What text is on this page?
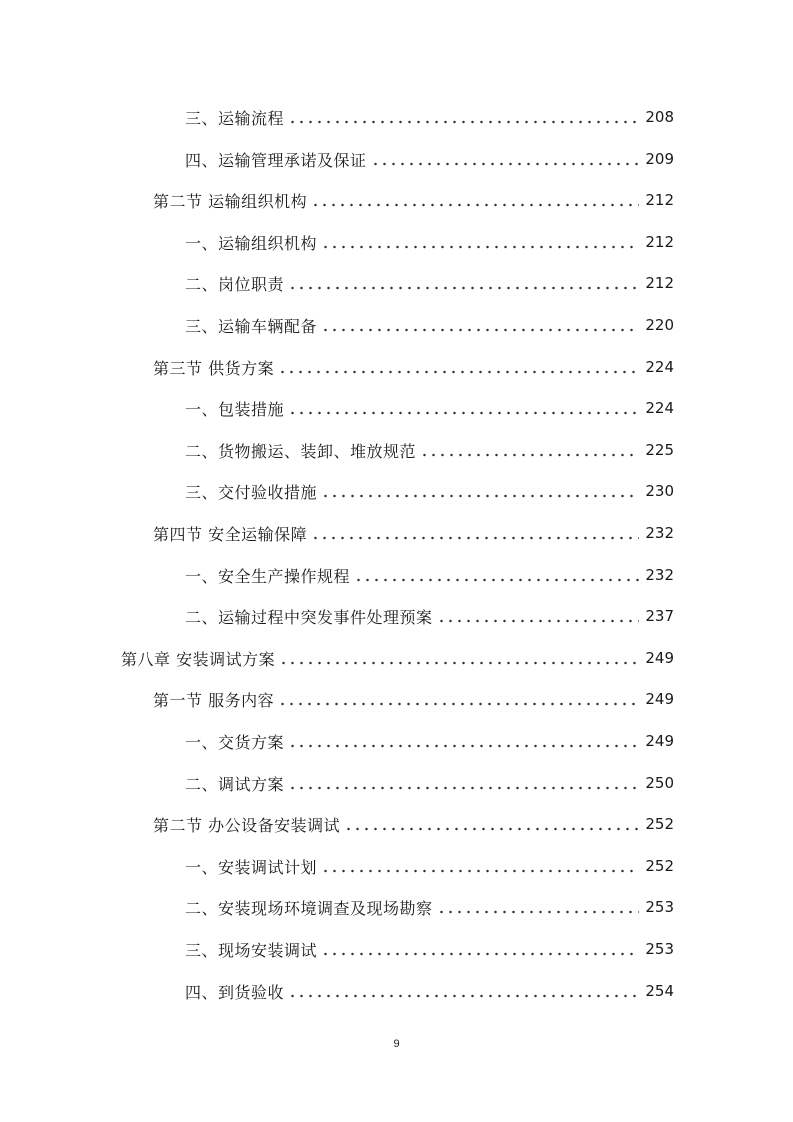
三、运输流程	208
四、运输管理承诺及保证	209
第二节 运输组织机构	212
一、运输组织机构	212
二、岗位职责	212
三、运输车辆配备	220
第三节 供货方案	224
一、包装措施	224
二、货物搬运、装卸、堆放规范	225
三、交付验收措施	230
第四节 安全运输保障	232
一、安全生产操作规程	232
二、运输过程中突发事件处理预案	237
第八章 安装调试方案	249
第一节 服务内容	249
一、交货方案	249
二、调试方案	250
第二节 办公设备安装调试	252
一、安装调试计划	252
二、安装现场环境调查及现场勘察	253
三、现场安装调试	253
四、到货验收	254
9
